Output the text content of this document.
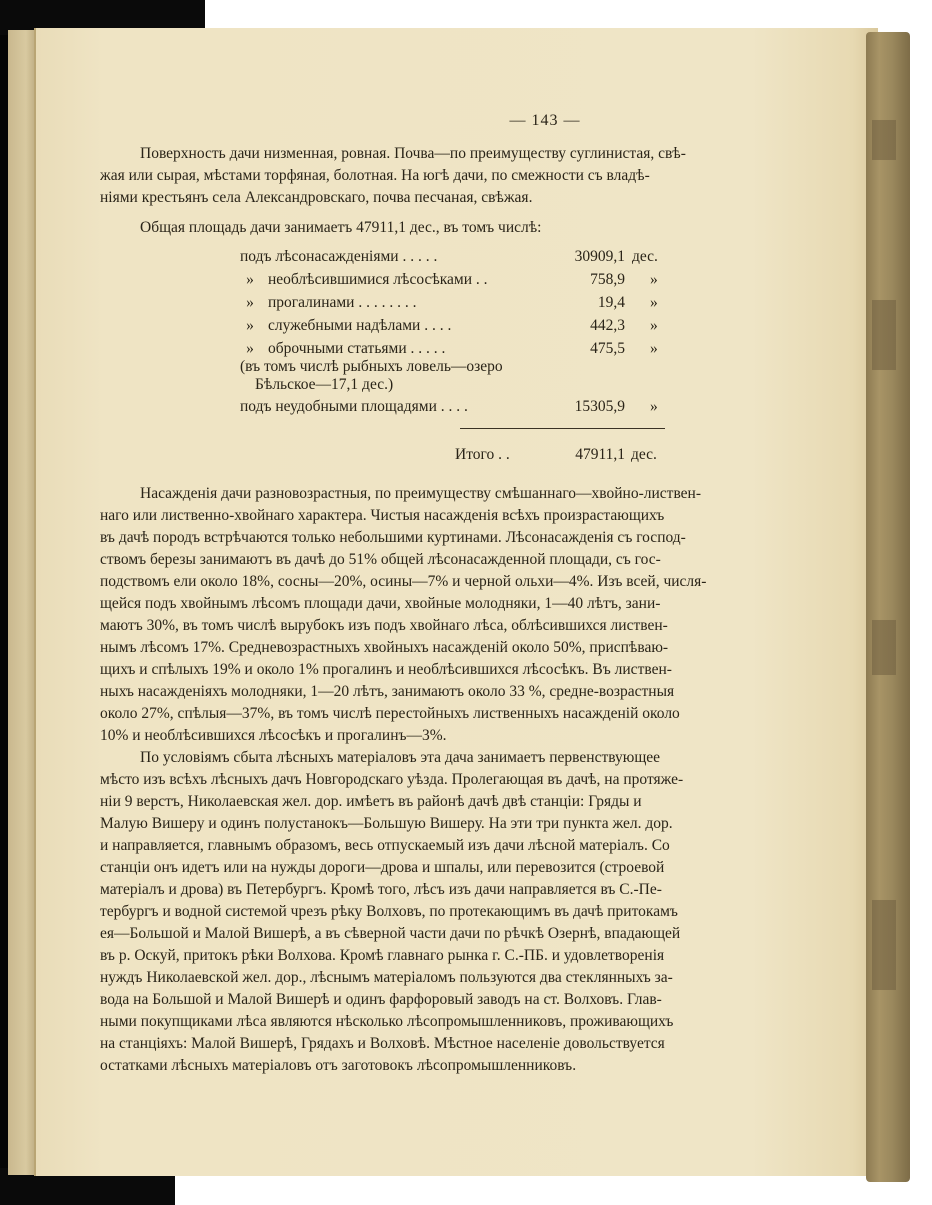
— 143 —
Поверхность дачи низменная, ровная. Почва—по преимуществу суглинистая, свѣ-
жая или сырая, мѣстами торфяная, болотная. На югѣ дачи, по смежности съ владѣ-
ніями крестьянъ села Александровскаго, почва песчаная, свѣжая.
Общая площадь дачи занимаетъ 47911,1 дес., въ томъ числѣ:
подъ лѣсонасажденіями . . . . .	30909,1 дес.
» необлѣсившимися лѣсосѣками . .	758,9 »
» прогалинами . . . . . . . .	19,4 »
» служебными надѣлами . . . .	442,3 »
» оброчными статьями . . . . .	475,5 »
(въ томъ числѣ рыбныхъ ловель—озеро
Бѣльское—17,1 дес.)
подъ неудобными площадями . . . .	15305,9 »
Итого . .	47911,1 дес.
Насажденія дачи разновозрастныя, по преимуществу смѣшаннаго—хвойно-листвен-
наго или лиственно-хвойнаго характера. Чистыя насажденія всѣхъ произрастающихъ
въ дачѣ породъ встрѣчаются только небольшими куртинами. Лѣсонасажденія съ господ-
ствомъ березы занимаютъ въ дачѣ до 51% общей лѣсонасажденной площади, съ гос-
подствомъ ели около 18%, сосны—20%, осины—7% и черной ольхи—4%. Изъ всей, числя-
щейся подъ хвойнымъ лѣсомъ площади дачи, хвойные молодняки, 1—40 лѣтъ, зани-
маютъ 30%, въ томъ числѣ вырубокъ изъ подъ хвойнаго лѣса, облѣсившихся листвен-
нымъ лѣсомъ 17%. Средневозрастныхъ хвойныхъ насажденій около 50%, приспѣваю-
щихъ и спѣлыхъ 19% и около 1% прогалинъ и необлѣсившихся лѣсосѣкъ. Въ листвен-
ныхъ насажденіяхъ молодняки, 1—20 лѣтъ, занимаютъ около 33 %, средне-возрастныя
около 27%, спѣлыя—37%, въ томъ числѣ перестойныхъ лиственныхъ насажденій около
10% и необлѣсившихся лѣсосѣкъ и прогалинъ—3%.
По условіямъ сбыта лѣсныхъ матеріаловъ эта дача занимаетъ первенствующее
мѣсто изъ всѣхъ лѣсныхъ дачъ Новгородскаго уѣзда. Пролегающая въ дачѣ, на протяже-
ніи 9 верстъ, Николаевская жел. дор. имѣетъ въ районѣ дачѣ двѣ станціи: Гряды и
Малую Вишеру и одинъ полустанокъ—Большую Вишеру. На эти три пункта жел. дор.
и направляется, главнымъ образомъ, весь отпускаемый изъ дачи лѣсной матеріалъ. Со
станціи онъ идетъ или на нужды дороги—дрова и шпалы, или перевозится (строевой
матеріалъ и дрова) въ Петербургъ. Кромѣ того, лѣсъ изъ дачи направляется въ С.-Пе-
тербургъ и водной системой чрезъ рѣку Волховъ, по протекающимъ въ дачѣ притокамъ
ея—Большой и Малой Вишерѣ, а въ сѣверной части дачи по рѣчкѣ Озернѣ, впадающей
въ р. Оскуй, притокъ рѣки Волхова. Кромѣ главнаго рынка г. С.-ПБ. и удовлетворенія
нуждъ Николаевской жел. дор., лѣснымъ матеріаломъ пользуются два стеклянныхъ за-
вода на Большой и Малой Вишерѣ и одинъ фарфоровый заводъ на ст. Волховъ. Глав-
ными покупщиками лѣса являются нѣсколько лѣсопромышленниковъ, проживающихъ
на станціяхъ: Малой Вишерѣ, Грядахъ и Волховѣ. Мѣстное населеніе довольствуется
остатками лѣсныхъ матеріаловъ отъ заготовокъ лѣсопромышленниковъ.
